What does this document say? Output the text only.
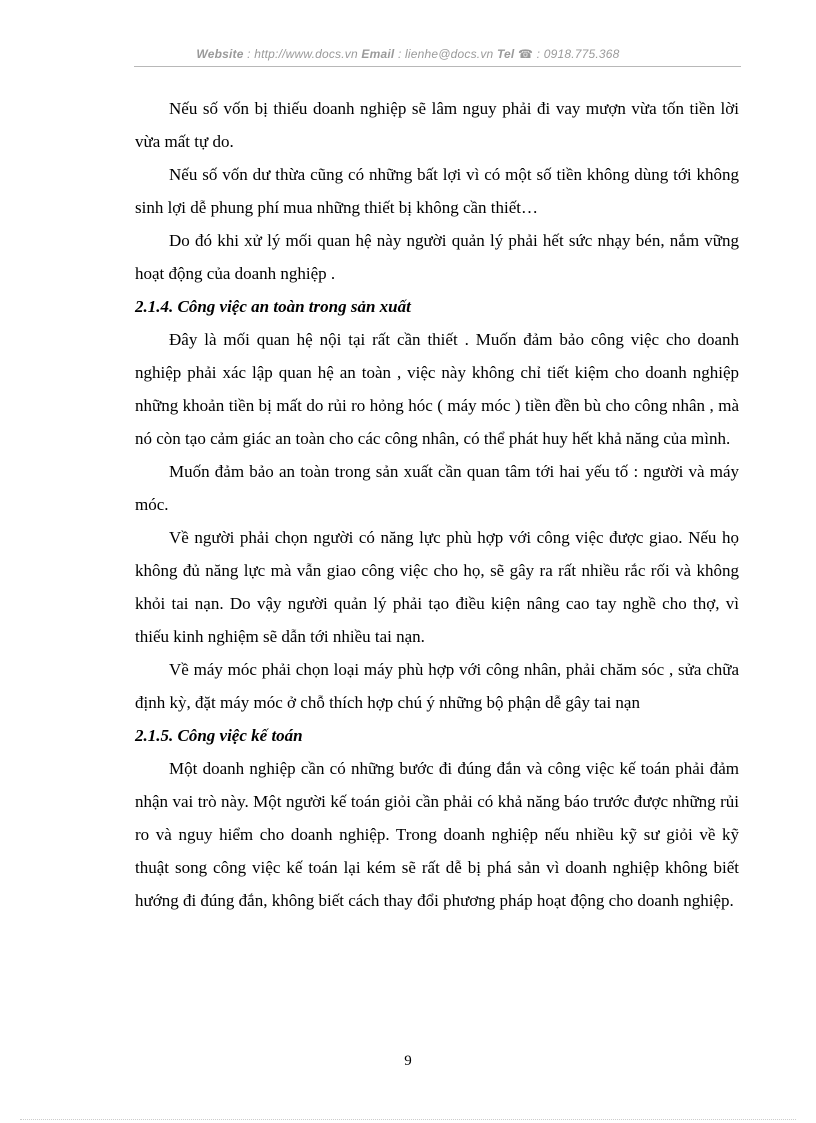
Website : http://www.docs.vn Email : lienhe@docs.vn Tel ☎ : 0918.775.368

Nếu số vốn bị thiếu doanh nghiệp sẽ lâm nguy phải đi vay mượn vừa tốn tiền lời vừa mất tự do.

Nếu số vốn dư thừa cũng có những bất lợi vì có một số tiền không dùng tới không sinh lợi dễ phung phí mua những thiết bị không cần thiết…

Do đó khi xử lý mối quan hệ này người quản lý phải hết sức nhạy bén, nắm vững hoạt động của doanh nghiệp .

2.1.4. Công việc an toàn trong sản xuất

Đây là mối quan hệ nội tại rất cần thiết . Muốn đảm bảo công việc cho doanh nghiệp phải xác lập quan hệ an toàn , việc này không chỉ tiết kiệm cho doanh nghiệp những khoản tiền bị mất do rủi ro hỏng hóc ( máy móc ) tiền đền bù cho công nhân , mà nó còn tạo cảm giác an toàn cho các công nhân, có thể phát huy hết khả năng của mình.

Muốn đảm bảo an toàn trong sản xuất cần quan tâm tới hai yếu tố : người và máy móc.

Về người phải chọn người có năng lực phù hợp với công việc được giao. Nếu họ không đủ năng lực mà vẫn giao công việc cho họ, sẽ gây ra rất nhiều rắc rối và không khỏi tai nạn. Do vậy người quản lý phải tạo điều kiện nâng cao tay nghề cho thợ, vì thiếu kinh nghiệm sẽ dẫn tới nhiều tai nạn.

Về máy móc phải chọn loại máy phù hợp với công nhân, phải chăm sóc , sửa chữa định kỳ, đặt máy móc ở chỗ thích hợp chú ý những bộ phận dễ gây tai nạn

2.1.5. Công việc kế toán

Một doanh nghiệp cần có những bước đi đúng đắn và công việc kế toán phải đảm nhận vai trò này. Một người kế toán giỏi cần phải có khả năng báo trước được những rủi ro và nguy hiểm cho doanh nghiệp. Trong doanh nghiệp nếu nhiều kỹ sư giỏi về kỹ thuật song công việc kế toán lại kém sẽ rất dễ bị phá sản vì doanh nghiệp không biết hướng đi đúng đắn, không biết cách thay đổi phương pháp hoạt động cho doanh nghiệp.

9
